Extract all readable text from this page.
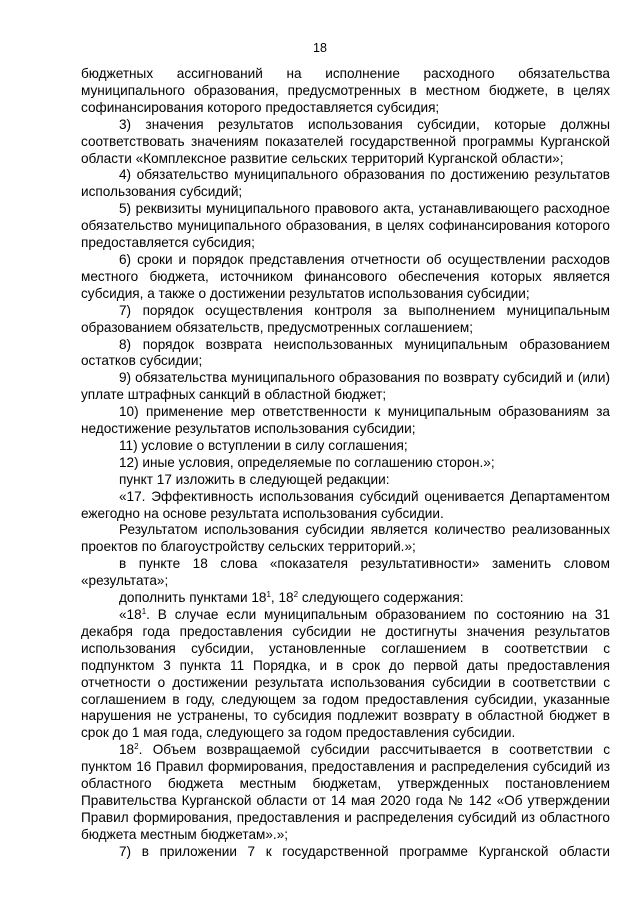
18

бюджетных ассигнований на исполнение расходного обязательства муниципального образования, предусмотренных в местном бюджете, в целях софинансирования которого предоставляется субсидия;

3) значения результатов использования субсидии, которые должны соответствовать значениям показателей государственной программы Курганской области «Комплексное развитие сельских территорий Курганской области»;

4) обязательство муниципального образования по достижению результатов использования субсидий;

5) реквизиты муниципального правового акта, устанавливающего расходное обязательство муниципального образования, в целях софинансирования которого предоставляется субсидия;

6) сроки и порядок представления отчетности об осуществлении расходов местного бюджета, источником финансового обеспечения которых является субсидия, а также о достижении результатов использования субсидии;

7) порядок осуществления контроля за выполнением муниципальным образованием обязательств, предусмотренных соглашением;

8) порядок возврата неиспользованных муниципальным образованием остатков субсидии;

9) обязательства муниципального образования по возврату субсидий и (или) уплате штрафных санкций в областной бюджет;

10) применение мер ответственности к муниципальным образованиям за недостижение результатов использования субсидии;

11) условие о вступлении в силу соглашения;

12) иные условия, определяемые по соглашению сторон.»;

пункт 17 изложить в следующей редакции:

«17. Эффективность использования субсидий оценивается Департаментом ежегодно на основе результата использования субсидии.

Результатом использования субсидии является количество реализованных проектов по благоустройству сельских территорий.»;

в пункте 18 слова «показателя результативности» заменить словом «результата»;

дополнить пунктами $18^1$, $18^2$ следующего содержания:

«$18^1$. В случае если муниципальным образованием по состоянию на 31 декабря года предоставления субсидии не достигнуты значения результатов использования субсидии, установленные соглашением в соответствии с подпунктом 3 пункта 11 Порядка, и в срок до первой даты предоставления отчетности о достижении результата использования субсидии в соответствии с соглашением в году, следующем за годом предоставления субсидии, указанные нарушения не устранены, то субсидия подлежит возврату в областной бюджет в срок до 1 мая года, следующего за годом предоставления субсидии.

$18^2$. Объем возвращаемой субсидии рассчитывается в соответствии с пунктом 16 Правил формирования, предоставления и распределения субсидий из областного бюджета местным бюджетам, утвержденных постановлением Правительства Курганской области от 14 мая 2020 года № 142 «Об утверждении Правил формирования, предоставления и распределения субсидий из областного бюджета местным бюджетам».»;

7) в приложении 7 к государственной программе Курганской области
